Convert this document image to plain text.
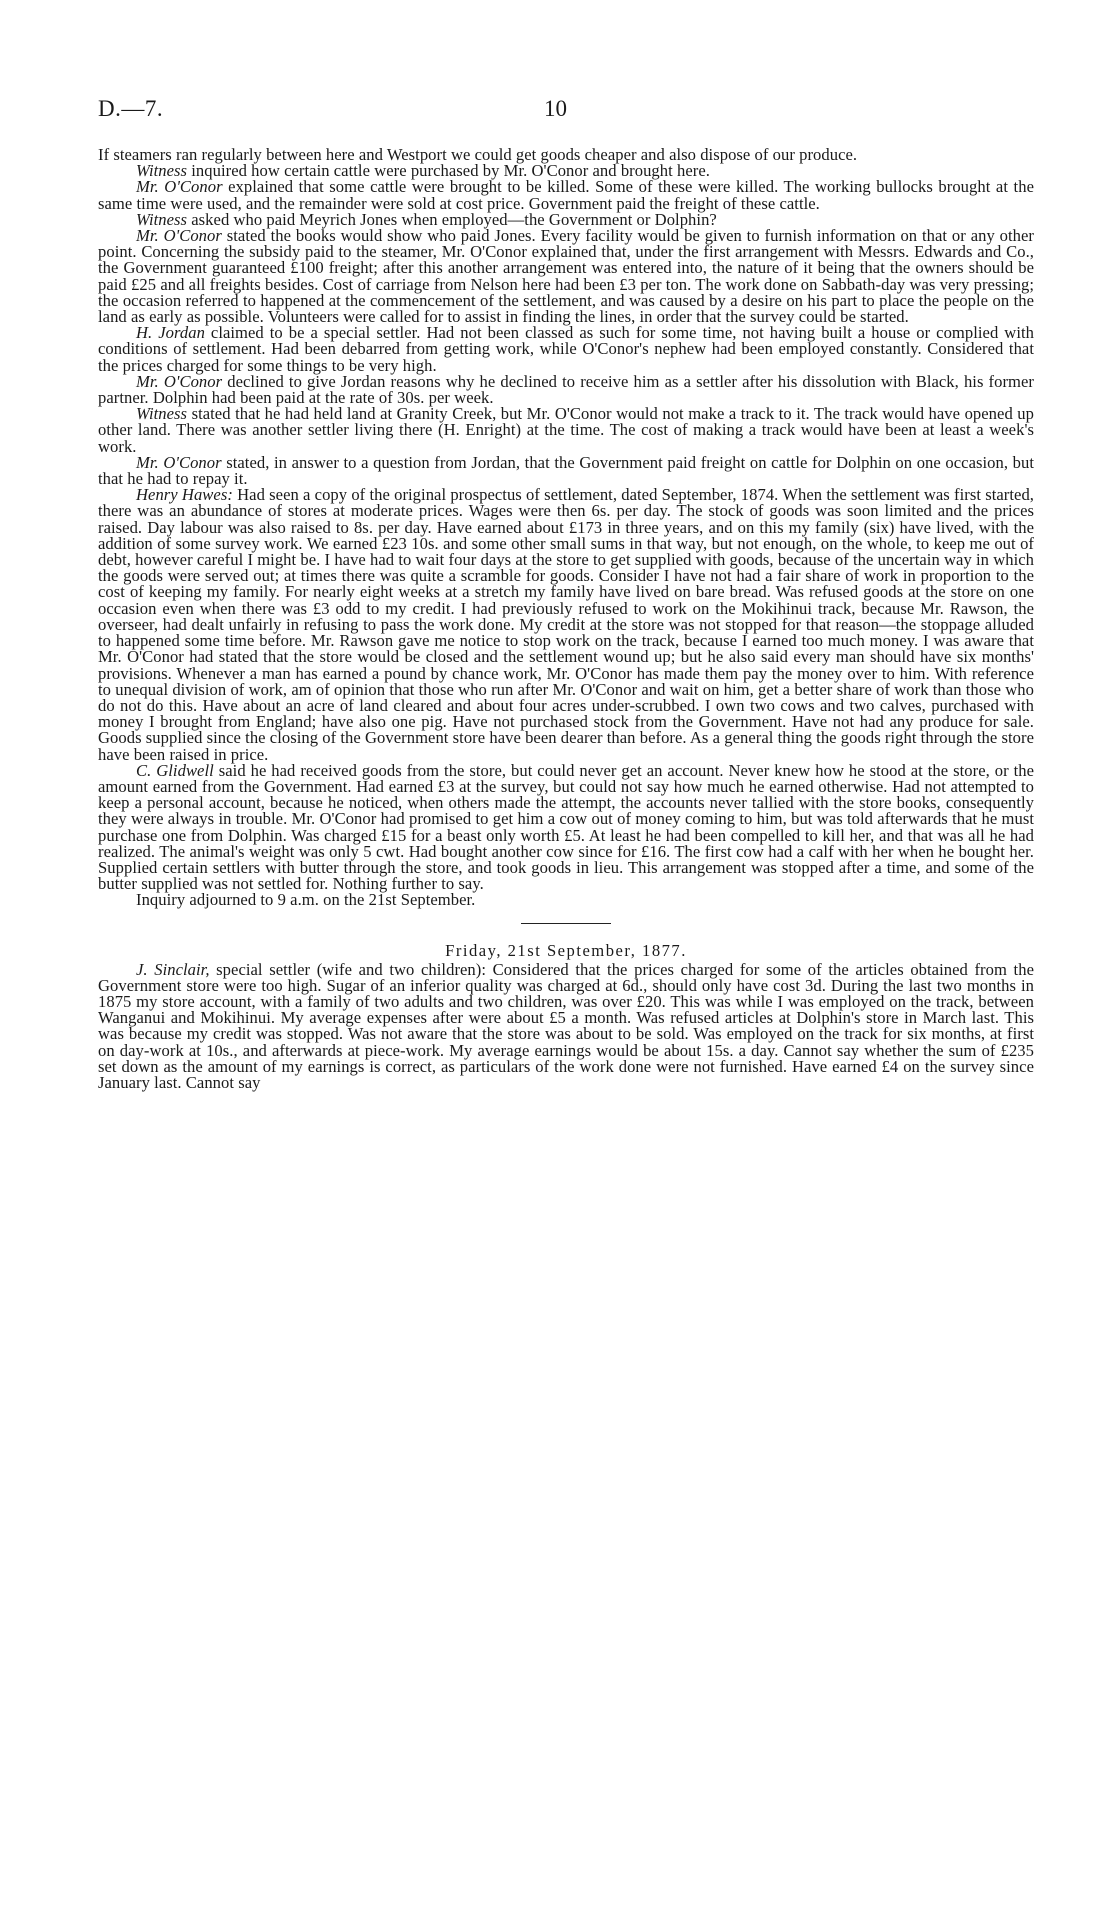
D.—7.	10

If steamers ran regularly between here and Westport we could get goods cheaper and also dispose of our produce.

Witness inquired how certain cattle were purchased by Mr. O'Conor and brought here.

Mr. O'Conor explained that some cattle were brought to be killed. Some of these were killed. The working bullocks brought at the same time were used, and the remainder were sold at cost price. Government paid the freight of these cattle.

Witness asked who paid Meyrich Jones when employed—the Government or Dolphin?

Mr. O'Conor stated the books would show who paid Jones. Every facility would be given to furnish information on that or any other point. Concerning the subsidy paid to the steamer, Mr. O'Conor explained that, under the first arrangement with Messrs. Edwards and Co., the Government guaranteed £100 freight; after this another arrangement was entered into, the nature of it being that the owners should be paid £25 and all freights besides. Cost of carriage from Nelson here had been £3 per ton. The work done on Sabbath-day was very pressing; the occasion referred to happened at the commencement of the settlement, and was caused by a desire on his part to place the people on the land as early as possible. Volunteers were called for to assist in finding the lines, in order that the survey could be started.

H. Jordan claimed to be a special settler. Had not been classed as such for some time, not having built a house or complied with conditions of settlement. Had been debarred from getting work, while O'Conor's nephew had been employed constantly. Considered that the prices charged for some things to be very high.

Mr. O'Conor declined to give Jordan reasons why he declined to receive him as a settler after his dissolution with Black, his former partner. Dolphin had been paid at the rate of 30s. per week.

Witness stated that he had held land at Granity Creek, but Mr. O'Conor would not make a track to it. The track would have opened up other land. There was another settler living there (H. Enright) at the time. The cost of making a track would have been at least a week's work.

Mr. O'Conor stated, in answer to a question from Jordan, that the Government paid freight on cattle for Dolphin on one occasion, but that he had to repay it.

Henry Hawes: Had seen a copy of the original prospectus of settlement, dated September, 1874. When the settlement was first started, there was an abundance of stores at moderate prices. Wages were then 6s. per day. The stock of goods was soon limited and the prices raised. Day labour was also raised to 8s. per day. Have earned about £173 in three years, and on this my family (six) have lived, with the addition of some survey work. We earned £23 10s. and some other small sums in that way, but not enough, on the whole, to keep me out of debt, however careful I might be. I have had to wait four days at the store to get supplied with goods, because of the uncertain way in which the goods were served out; at times there was quite a scramble for goods. Consider I have not had a fair share of work in proportion to the cost of keeping my family. For nearly eight weeks at a stretch my family have lived on bare bread. Was refused goods at the store on one occasion even when there was £3 odd to my credit. I had previously refused to work on the Mokihinui track, because Mr. Rawson, the overseer, had dealt unfairly in refusing to pass the work done. My credit at the store was not stopped for that reason—the stoppage alluded to happened some time before. Mr. Rawson gave me notice to stop work on the track, because I earned too much money. I was aware that Mr. O'Conor had stated that the store would be closed and the settlement wound up; but he also said every man should have six months' provisions. Whenever a man has earned a pound by chance work, Mr. O'Conor has made them pay the money over to him. With reference to unequal division of work, am of opinion that those who run after Mr. O'Conor and wait on him, get a better share of work than those who do not do this. Have about an acre of land cleared and about four acres under-scrubbed. I own two cows and two calves, purchased with money I brought from England; have also one pig. Have not purchased stock from the Government. Have not had any produce for sale. Goods supplied since the closing of the Government store have been dearer than before. As a general thing the goods right through the store have been raised in price.

C. Glidwell said he had received goods from the store, but could never get an account. Never knew how he stood at the store, or the amount earned from the Government. Had earned £3 at the survey, but could not say how much he earned otherwise. Had not attempted to keep a personal account, because he noticed, when others made the attempt, the accounts never tallied with the store books, consequently they were always in trouble. Mr. O'Conor had promised to get him a cow out of money coming to him, but was told afterwards that he must purchase one from Dolphin. Was charged £15 for a beast only worth £5. At least he had been compelled to kill her, and that was all he had realized. The animal's weight was only 5 cwt. Had bought another cow since for £16. The first cow had a calf with her when he bought her. Supplied certain settlers with butter through the store, and took goods in lieu. This arrangement was stopped after a time, and some of the butter supplied was not settled for. Nothing further to say.

Inquiry adjourned to 9 a.m. on the 21st September.

Friday, 21st September, 1877.

J. Sinclair, special settler (wife and two children): Considered that the prices charged for some of the articles obtained from the Government store were too high. Sugar of an inferior quality was charged at 6d., should only have cost 3d. During the last two months in 1875 my store account, with a family of two adults and two children, was over £20. This was while I was employed on the track, between Wanganui and Mokihinui. My average expenses after were about £5 a month. Was refused articles at Dolphin's store in March last. This was because my credit was stopped. Was not aware that the store was about to be sold. Was employed on the track for six months, at first on day-work at 10s., and afterwards at piece-work. My average earnings would be about 15s. a day. Cannot say whether the sum of £235 set down as the amount of my earnings is correct, as particulars of the work done were not furnished. Have earned £4 on the survey since January last. Cannot say
